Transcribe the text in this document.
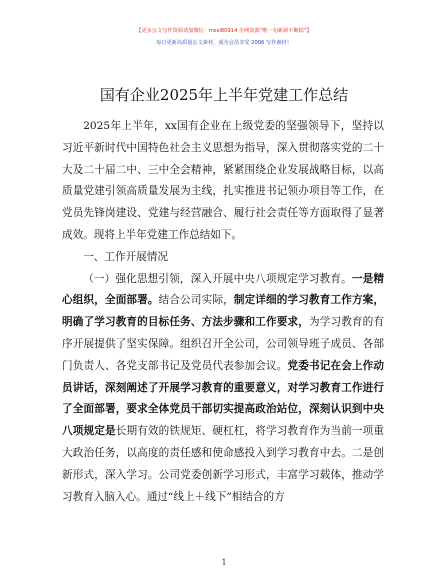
【更多公文写作资源请加微信：mssl80914 全网资源“唯一旬新新不断稳”】
每日更新高质量公文素材，成为会员享受 2006 写作素材！
国有企业2025年上半年党建工作总结

2025年上半年，xx国有企业在上级党委的坚强领导下，坚持以习近平新时代中国特色社会主义思想为指导，深入贯彻落实党的二十大及二十届二中、三中全会精神，紧紧围绕企业发展战略目标，以高质量党建引领高质量发展为主线，扎实推进书记领办项目等工作，在党员先锋岗建设、党建与经营融合、履行社会责任等方面取得了显著成效。现将上半年党建工作总结如下。

一、工作开展情况

（一）强化思想引领，深入开展中央八项规定学习教育。一是精心组织，全面部署。结合公司实际，制定详细的学习教育工作方案，明确了学习教育的目标任务、方法步骤和工作要求，为学习教育的有序开展提供了坚实保障。组织召开全公司，公司领导班子成员、各部门负责人、各党支部书记及党员代表参加会议。党委书记在会上作动员讲话，深刻阐述了开展学习教育的重要意义，对学习教育工作进行了全面部署，要求全体党员干部切实提高政治站位，深刻认识到中央八项规定是长期有效的铁规矩、硬杠杠，将学习教育作为当前一项重大政治任务，以高度的责任感和使命感投入到学习教育中去。二是创新形式，深入学习。公司党委创新学习形式，丰富学习载体，推动学习教育入脑入心。通过“线上＋线下”相结合的方

1
